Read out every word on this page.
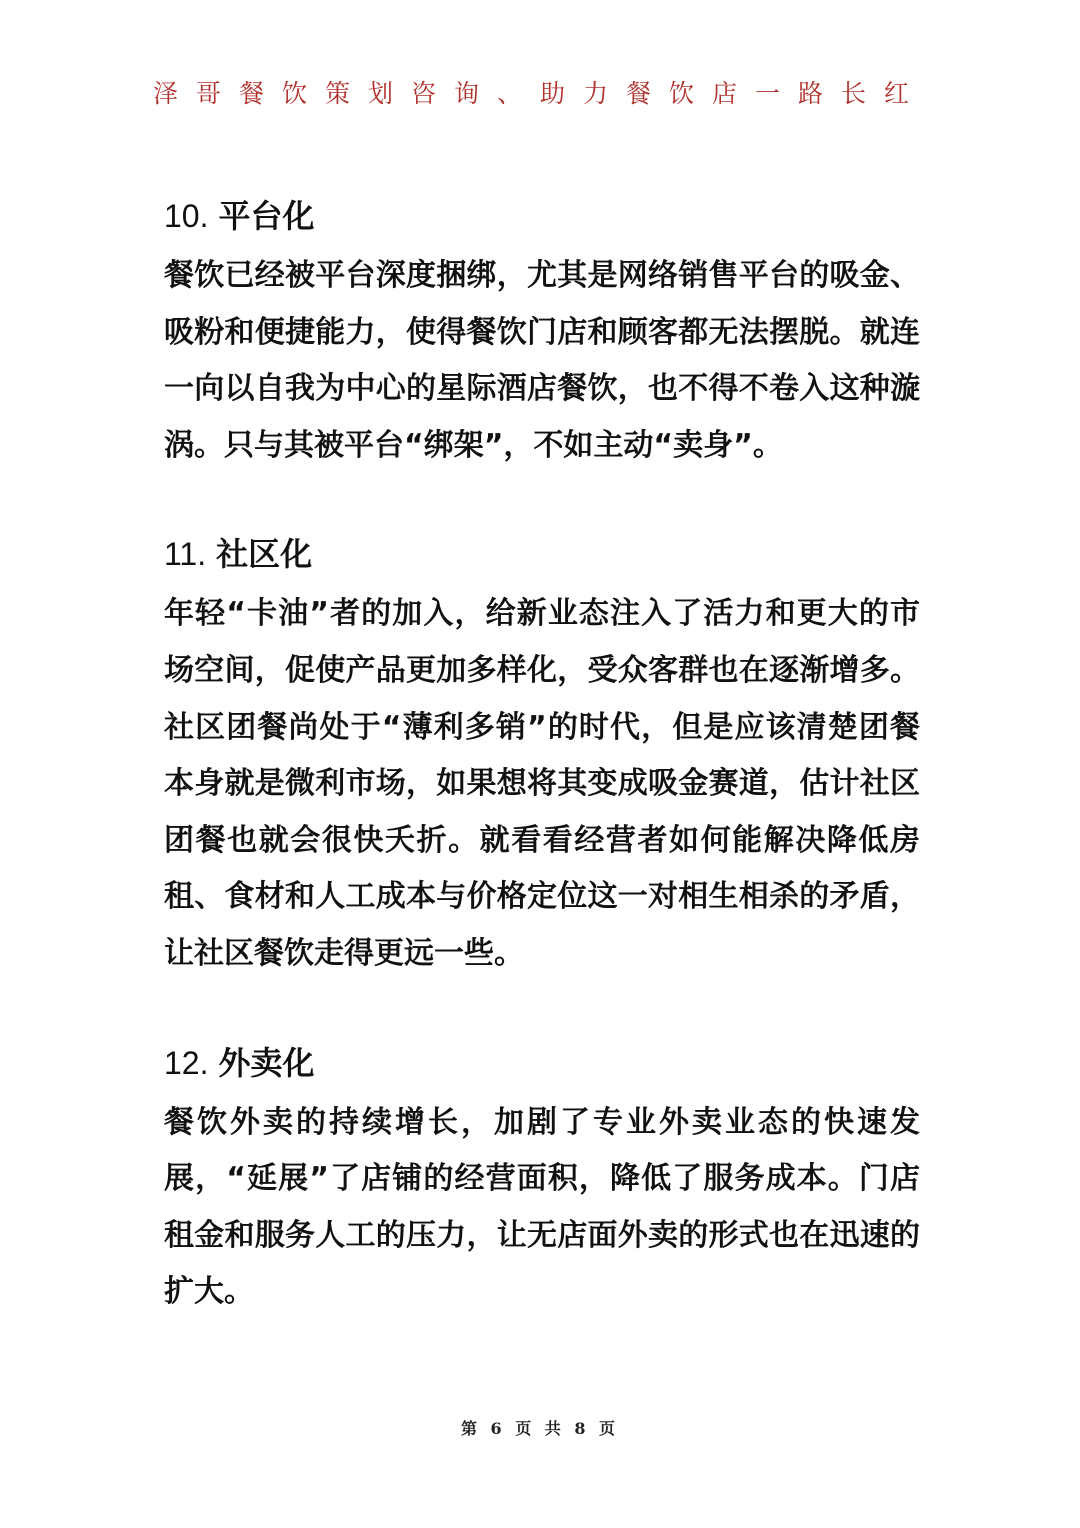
泽哥餐饮策划咨询、助力餐饮店一路长红
10. 平台化

餐饮已经被平台深度捆绑，尤其是网络销售平台的吸金、吸粉和便捷能力，使得餐饮门店和顾客都无法摆脱。就连一向以自我为中心的星际酒店餐饮，也不得不卷入这种漩涡。只与其被平台“绑架”，不如主动“卖身”。

11. 社区化

年轻“卡油”者的加入，给新业态注入了活力和更大的市场空间，促使产品更加多样化，受众客群也在逐渐增多。社区团餐尚处于“薄利多销”的时代，但是应该清楚团餐本身就是微利市场，如果想将其变成吸金赛道，估计社区团餐也就会很快夭折。就看看经营者如何能解决降低房租、食材和人工成本与价格定位这一对相生相杀的矛盾，让社区餐饮走得更远一些。

12. 外卖化

餐饮外卖的持续增长，加剧了专业外卖业态的快速发展，“延展”了店铺的经营面积，降低了服务成本。门店租金和服务人工的压力，让无店面外卖的形式也在迅速的扩大。

第 6 页 共 8 页
